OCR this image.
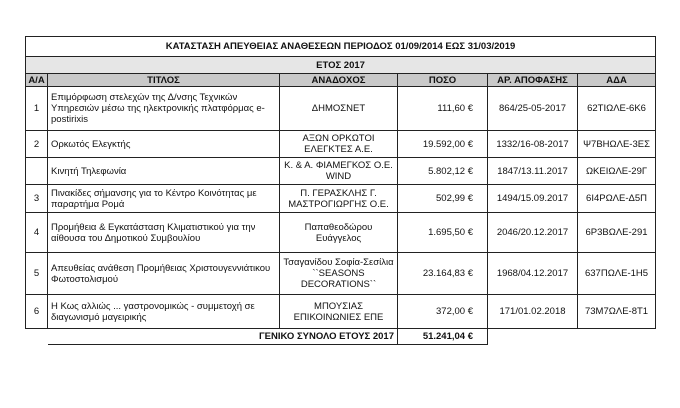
ΚΑΤΑΣΤΑΣΗ ΑΠΕΥΘΕΙΑΣ ΑΝΑΘΕΣΕΩΝ ΠΕΡΙΟΔΟΣ 01/09/2014 ΕΩΣ 31/03/2019					
ΕΤΟΣ 2017					
Α/Α	ΤΙΤΛΟΣ	ΑΝΑΔΟΧΟΣ	ΠΟΣΟ	ΑΡ. ΑΠΟΦΑΣΗΣ	ΑΔΑ
1	Επιμόρφωση στελεχών της Δ/νσης Τεχνικών Υπηρεσιών μέσω της ηλεκτρονικής πλατφόρμας e-postirixis	ΔΗΜΟΣΝΕΤ	111,60 €	864/25-05-2017	62ΤΙΩΛΕ-6Κ6
2	Ορκωτός Ελεγκτής	ΑΞΩΝ ΟΡΚΩΤΟΙ ΕΛΕΓΚΤΕΣ Α.Ε.	19.592,00 €	1332/16-08-2017	Ψ7ΒΗΩΛΕ-3ΕΣ
	Κινητή Τηλεφωνία	Κ. & Α. ΦΙΑΜΕΓΚΟΣ Ο.Ε. WIND	5.802,12 €	1847/13.11.2017	ΩΚΕΙΩΛΕ-29Γ
3	Πινακίδες σήμανσης για το Κέντρο Κοινότητας με παραρτήμα Ρομά	Π. ΓΕΡΑΣΚΛΗΣ Γ. ΜΑΣΤΡΟΓΙΩΡΓΗΣ Ο.Ε.	502,99 €	1494/15.09.2017	6Ι4ΡΩΛΕ-Δ5Π
4	Προμήθεια & Εγκατάσταση Κλιματιστικού για την αίθουσα του Δημοτικού Συμβουλίου	Παπαθεοδώρου Ευάγγελος	1.695,50 €	2046/20.12.2017	6Ρ3ΒΩΛΕ-291
5	Απευθείας ανάθεση Προμήθειας Χριστουγεννιάτικου Φωτοστολισμού	Τσαγανίδου Σοφία-Σεσίλια ``SEASONS DECORATIONS``	23.164,83 €	1968/04.12.2017	637ΠΩΛΕ-1Η5
6	Η Κως αλλιώς ... γαστρονομικώς - συμμετοχή σε διαγωνισμό μαγειρικής	ΜΠΟΥΣΙΑΣ ΕΠΙΚΟΙΝΩΝΙΕΣ ΕΠΕ	372,00 €	171/01.02.2018	73Μ7ΩΛΕ-8Τ1
	ΓΕΝΙΚΟ ΣΥΝΟΛΟ ΕΤΟΥΣ 2017		51.241,04 €		
